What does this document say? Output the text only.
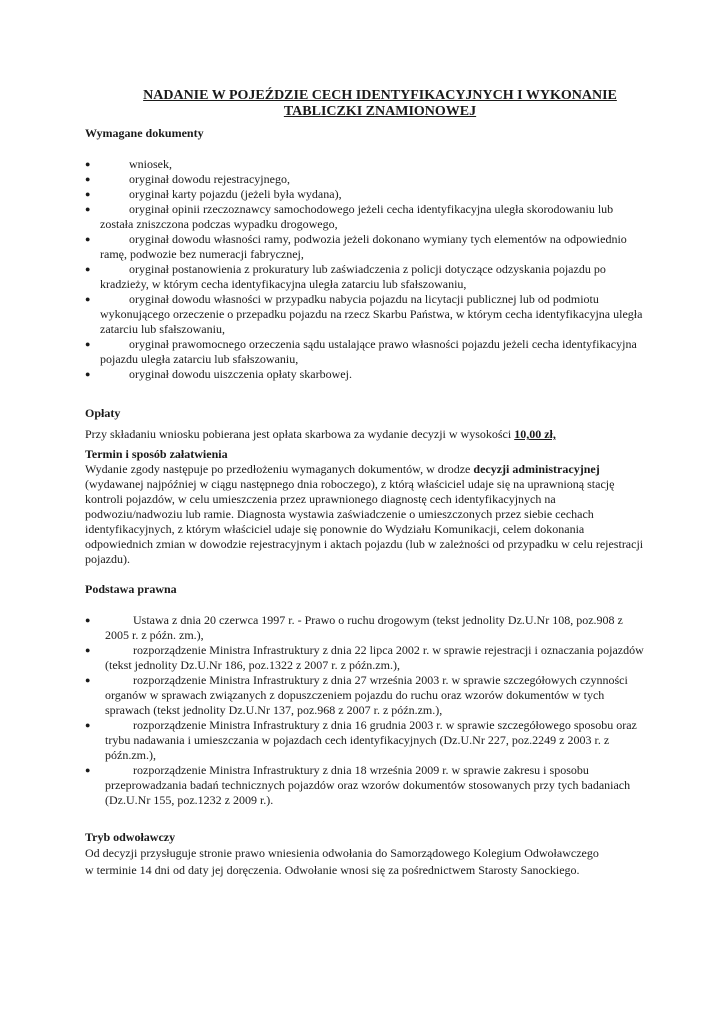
NADANIE W POJEŹDZIE CECH IDENTYFIKACYJNYCH I WYKONANIE
TABLICZKI ZNAMIONOWEJ
Wymagane dokumenty
●	wniosek,
●	oryginał dowodu rejestracyjnego,
●	oryginał karty pojazdu (jeżeli była wydana),
●	oryginał opinii rzeczoznawcy samochodowego jeżeli cecha identyfikacyjna uległa skorodowaniu lub została zniszczona podczas wypadku drogowego,
●	oryginał dowodu własności ramy, podwozia jeżeli dokonano wymiany tych elementów na odpowiednio ramę, podwozie bez numeracji fabrycznej,
●	oryginał postanowienia z prokuratury lub zaświadczenia z policji dotyczące odzyskania pojazdu po kradzieży, w którym cecha identyfikacyjna uległa zatarciu lub sfałszowaniu,
●	oryginał dowodu własności w przypadku nabycia pojazdu na licytacji publicznej lub od podmiotu wykonującego orzeczenie o przepadku pojazdu na rzecz Skarbu Państwa, w którym cecha identyfikacyjna uległa zatarciu lub sfałszowaniu,
●	oryginał prawomocnego orzeczenia sądu ustalające prawo własności pojazdu jeżeli cecha identyfikacyjna pojazdu uległa zatarciu lub sfałszowaniu,
●	oryginał dowodu uiszczenia opłaty skarbowej.
Opłaty

Przy składaniu wniosku pobierana jest opłata skarbowa za wydanie decyzji w wysokości 10,00 zł,

Termin i sposób załatwienia

Wydanie zgody następuje po przedłożeniu wymaganych dokumentów, w drodze decyzji administracyjnej (wydawanej najpóźniej w ciągu następnego dnia roboczego), z którą właściciel udaje się na uprawnioną stację kontroli pojazdów, w celu umieszczenia przez uprawnionego diagnostę cech identyfikacyjnych na podwoziu/nadwoziu lub ramie. Diagnosta wystawia zaświadczenie o umieszczonych przez siebie cechach identyfikacyjnych, z którym właściciel udaje się ponownie do Wydziału Komunikacji, celem dokonania odpowiednich zmian w dowodzie rejestracyjnym i aktach pojazdu (lub w zależności od przypadku w celu rejestracji pojazdu).

Podstawa prawna
●	Ustawa z dnia 20 czerwca 1997 r. - Prawo o ruchu drogowym (tekst jednolity Dz.U.Nr 108, poz.908 z 2005 r. z późn. zm.),
●	rozporządzenie Ministra Infrastruktury z dnia 22 lipca 2002 r. w sprawie rejestracji i oznaczania pojazdów (tekst jednolity Dz.U.Nr 186, poz.1322 z 2007 r. z późn.zm.),
●	rozporządzenie Ministra Infrastruktury z dnia 27 września 2003 r. w sprawie szczegółowych czynności organów w sprawach związanych z dopuszczeniem pojazdu do ruchu oraz wzorów dokumentów w tych sprawach (tekst jednolity Dz.U.Nr 137, poz.968 z 2007 r. z późn.zm.),
●	rozporządzenie Ministra Infrastruktury z dnia 16 grudnia 2003 r. w sprawie szczegółowego sposobu oraz trybu nadawania i umieszczania w pojazdach cech identyfikacyjnych (Dz.U.Nr 227, poz.2249 z 2003 r. z późn.zm.),
●	rozporządzenie Ministra Infrastruktury z dnia 18 września 2009 r. w sprawie zakresu i sposobu przeprowadzania badań technicznych pojazdów oraz wzorów dokumentów stosowanych przy tych badaniach (Dz.U.Nr 155, poz.1232 z 2009 r.).
Tryb odwoławczy

Od decyzji przysługuje stronie prawo wniesienia odwołania do Samorządowego Kolegium Odwoławczego
w terminie 14 dni od daty jej doręczenia. Odwołanie wnosi się za pośrednictwem Starosty Sanockiego.
